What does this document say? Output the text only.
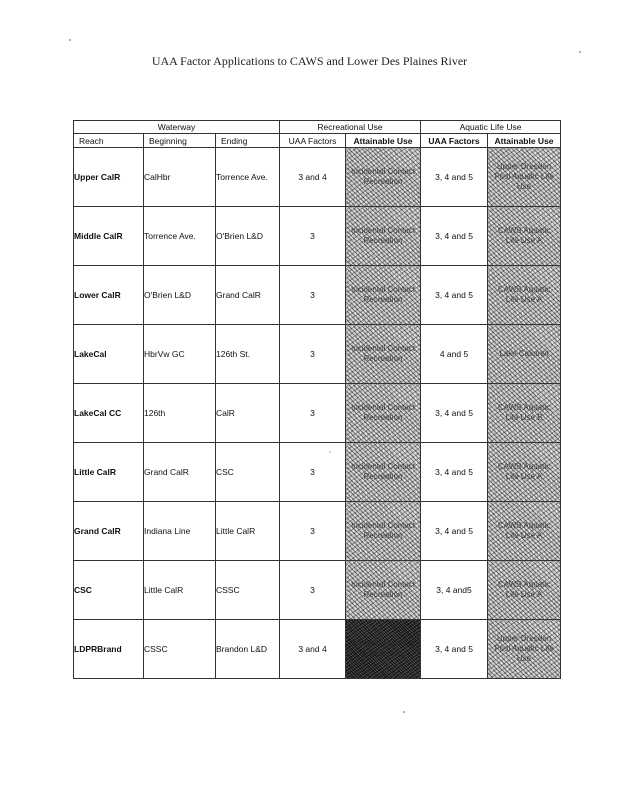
UAA Factor Applications to CAWS and Lower Des Plaines River
Waterway			Recreational Use		Aquatic Life Use	
Reach	Beginning	Ending	UAA Factors	Attainable Use	UAA Factors	Attainable Use
Upper CalR	CalHbr	Torrence Ave.	3 and 4	Incidental Contact Recreation	3, 4 and 5	Upper Dresden Pool Aquatic Life Use

Middle CalR	Torrence Ave.	O'Brien L&D	3	Incidental Contact Recreation	3, 4 and 5	CAWS Aquatic Life Use A

Lower CalR	O'Brien L&D	Grand CalR	3	Incidental Contact Recreation	3, 4 and 5	CAWS Aquatic Life Use A

LakeCal	HbrVw GC	126th St.	3	Incidental Contact Recreation	4 and 5	Lake Calumet

LakeCal CC	126th	CalR	3	Incidental Contact Recreation	3, 4 and 5	CAWS Aquatic Life Use B

Little CalR	Grand CalR	CSC	3	Incidental Contact Recreation	3, 4 and 5	CAWS Aquatic Life Use A

Grand CalR	Indiana Line	Little CalR	3	Incidental Contact Recreation	3, 4 and 5	CAWS Aquatic Life Use A

CSC	Little CalR	CSSC	3	Incidental Contact Recreation	3, 4 and5	CAWS Aquatic Life Use A

LDPRBrand	CSSC	Brandon L&D	3 and 4	Incidental Contact Recreation	3, 4 and 5	Upper Dresden Pool Aquatic Life Use
